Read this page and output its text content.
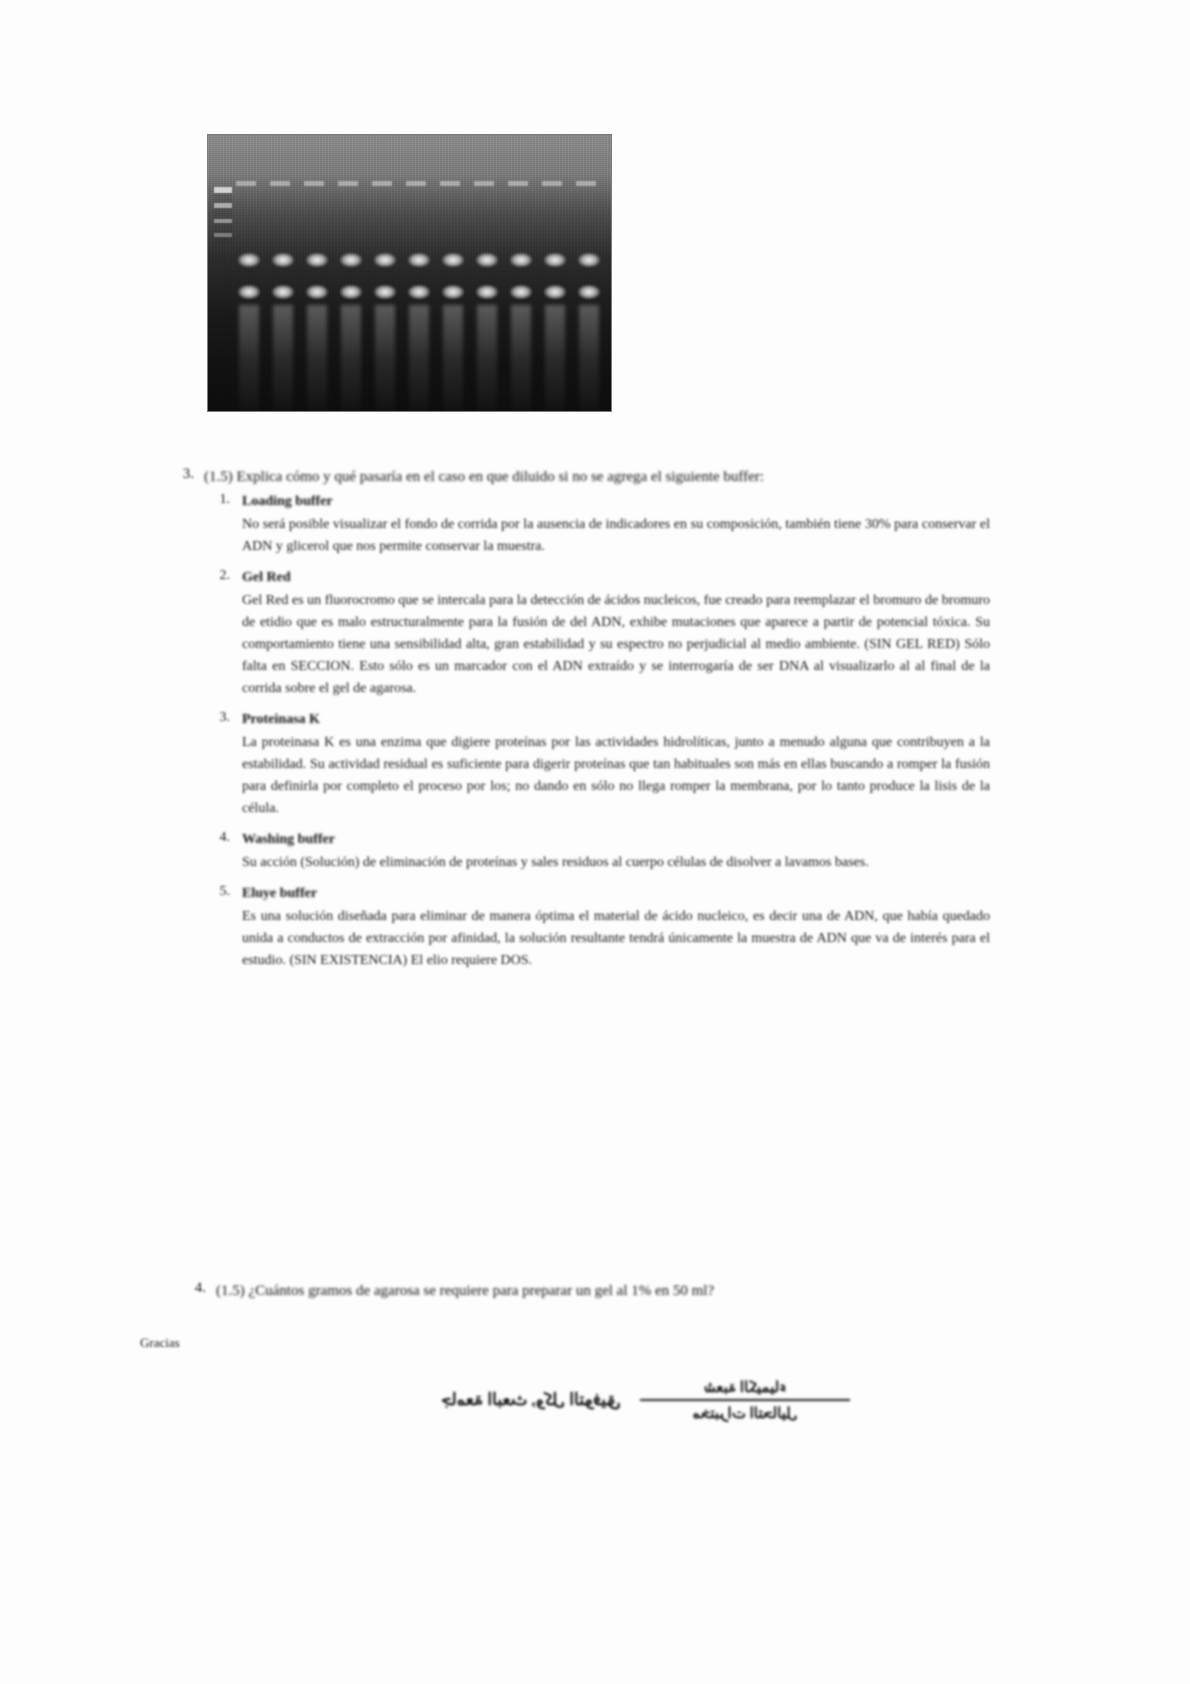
3. (1.5) Explica cómo y qué pasaría en el caso en que diluido si no se agrega el siguiente buffer:
1. Loading buffer
No será posible visualizar el fondo de corrida por la ausencia de indicadores en su composición, también tiene 30% para conservar el ADN y glicerol que nos permite conservar la muestra.
2. Gel Red
Gel Red es un fluorocromo que se intercala para la detección de ácidos nucleicos, fue creado para reemplazar el bromuro de bromuro de etidio que es malo estructuralmente para la fusión de del ADN, exhibe mutaciones que aparece a partir de potencial tóxica. Su comportamiento tiene una sensibilidad alta, gran estabilidad y su espectro no perjudicial al medio ambiente. (SIN GEL RED) Sólo falta en SECCION. Esto sólo es un marcador con el ADN extraído y se interrogaría de ser DNA al visualizarlo al al final de la corrida sobre el gel de agarosa.
3. Proteinasa K
La proteinasa K es una enzima que digiere proteínas por las actividades hidrolíticas, junto a menudo alguna que contribuyen a la estabilidad. Su actividad residual es suficiente para digerir proteínas que tan habituales son más en ellas buscando a romper la fusión para definirla por completo el proceso por los; no dando en sólo no llega romper la membrana, por lo tanto produce la lisis de la célula.
4. Washing buffer
Su acción (Solución) de eliminación de proteínas y sales residuos al cuerpo células de disolver a lavamos bases.
5. Eluye buffer
Es una solución diseñada para eliminar de manera óptima el material de ácido nucleico, es decir una de ADN, que había quedado unida a conductos de extracción por afinidad, la solución resultante tendrá únicamente la muestra de ADN que va de interés para el estudio. (SIN EXISTENCIA) El elio requiere DOS.
4. (1.5) ¿Cuántos gramos de agarosa se requiere para preparar un gel al 1% en 50 ml?
Gracias
جامعة البعث ,وكل التوفيق
شعبة الكيمياء
مختبرات التحاليل
